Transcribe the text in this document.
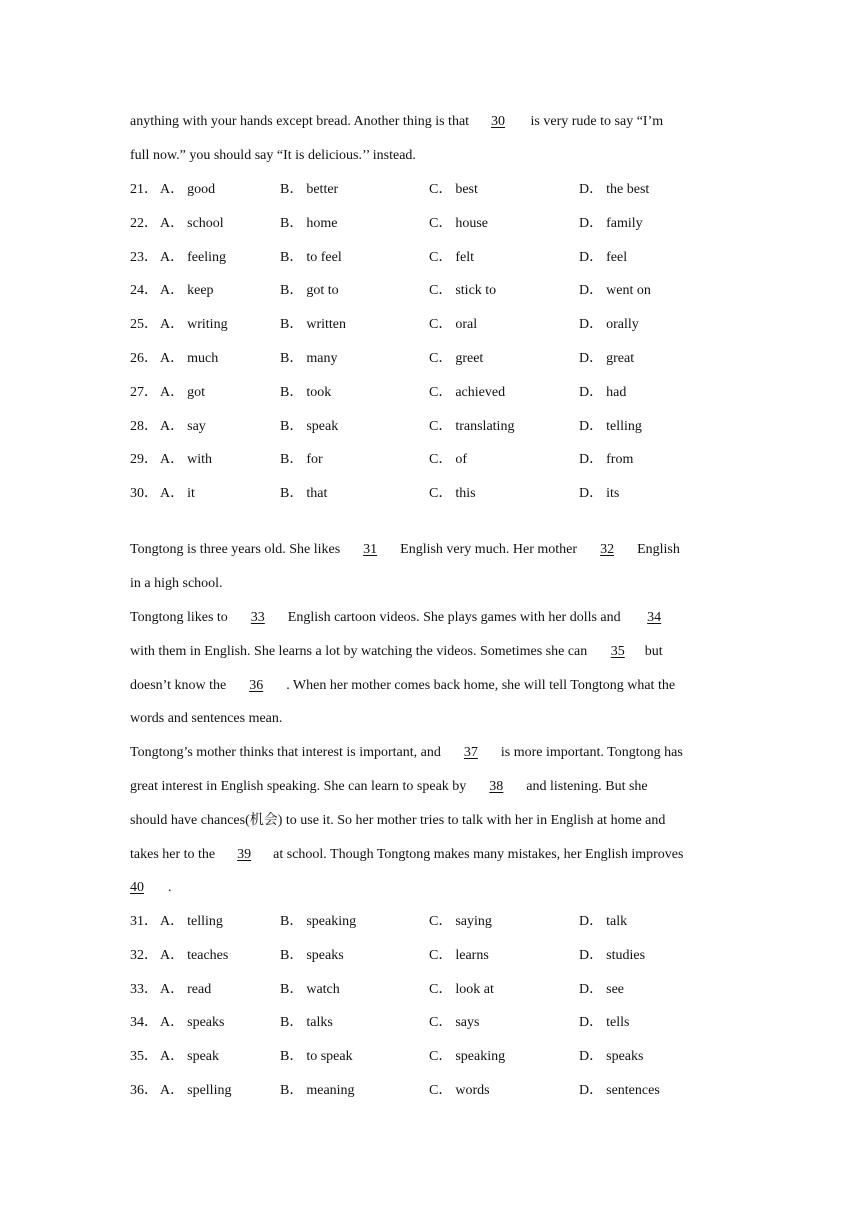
anything with your hands except bread. Another thing is that 30 is very rude to say “I’m
full now.” you should say “It is delicious.’’ instead.
21． A． good	B． better	C． best	D． the best
22． A． school	B． home	C． house	D． family
23． A． feeling	B． to feel	C． felt	D． feel
24． A． keep	B． got to	C． stick to	D． went on
25． A． writing	B． written	C． oral	D． orally
26． A． much	B． many	C． greet	D． great
27． A． got	B． took	C． achieved	D． had
28． A． say	B． speak	C． translating	D． telling
29． A． with	B． for	C． of	D． from
30． A． it	B． that	C． this	D． its
Tongtong is three years old. She likes 31 English very much. Her mother 32 English
in a high school.
Tongtong likes to 33 English cartoon videos. She plays games with her dolls and 34
with them in English. She learns a lot by watching the videos. Sometimes she can 35 but
doesn’t know the 36 . When her mother comes back home, she will tell Tongtong what the
words and sentences mean.
Tongtong’s mother thinks that interest is important, and 37 is more important. Tongtong has
great interest in English speaking. She can learn to speak by 38 and listening. But she
should have chances(机会) to use it. So her mother tries to talk with her in English at home and
takes her to the 39 at school. Though Tongtong makes many mistakes, her English improves
40 .
31． A． telling	B． speaking	C． saying	D． talk
32． A． teaches	B． speaks	C． learns	D． studies
33． A． read	B． watch	C． look at	D． see
34． A． speaks	B． talks	C． says	D． tells
35． A． speak	B． to speak	C． speaking	D． speaks
36． A． spelling	B． meaning	C． words	D． sentences
